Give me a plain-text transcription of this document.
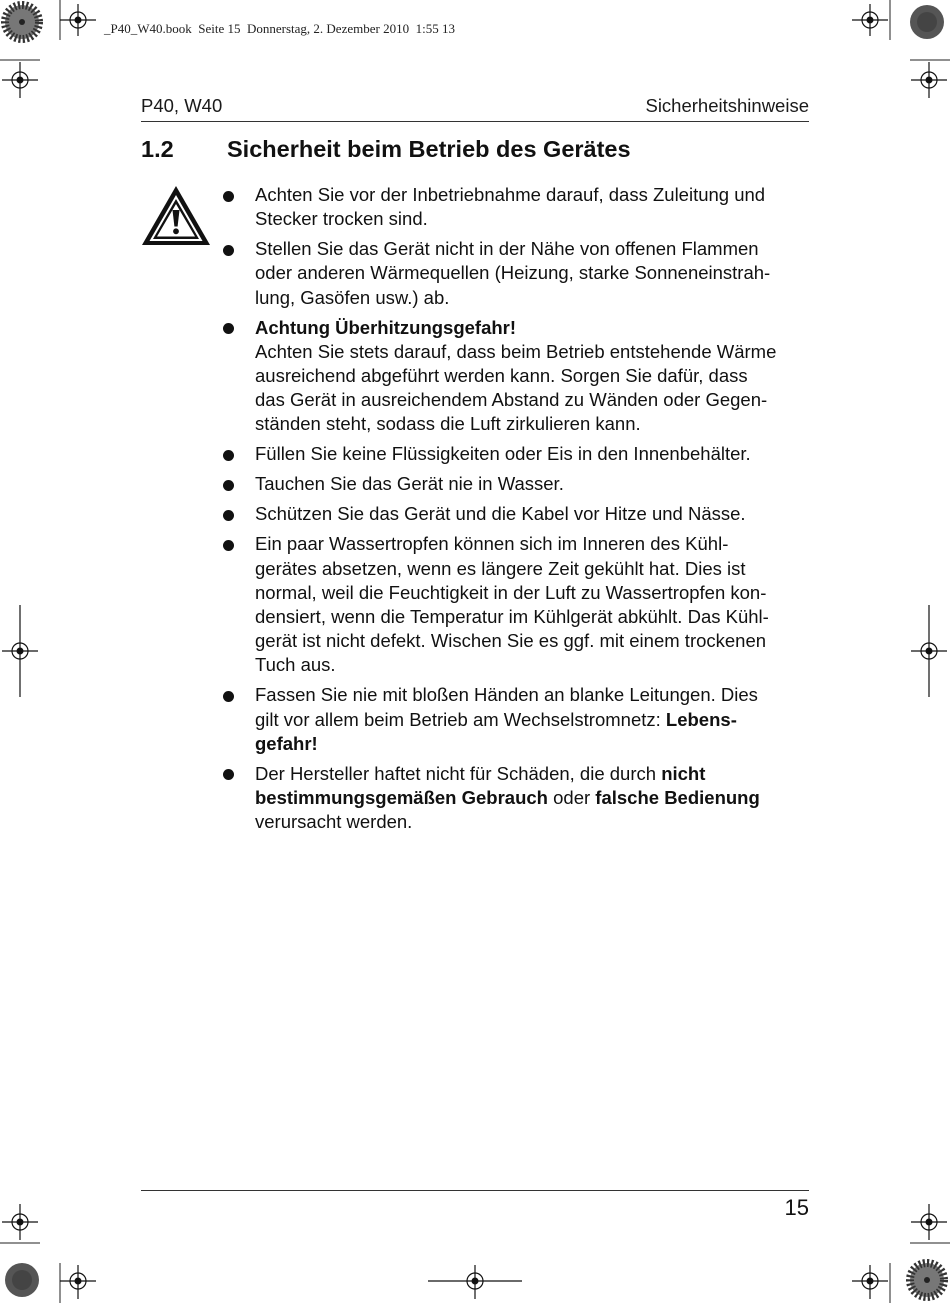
_P40_W40.book  Seite 15  Donnerstag, 2. Dezember 2010  1:55 13
P40, W40	Sicherheitshinweise
1.2 Sicherheit beim Betrieb des Gerätes
Achten Sie vor der Inbetriebnahme darauf, dass Zuleitung und
Stecker trocken sind.
Stellen Sie das Gerät nicht in der Nähe von offenen Flammen
oder anderen Wärmequellen (Heizung, starke Sonneneinstrah-
lung, Gasöfen usw.) ab.
Achtung Überhitzungsgefahr!
Achten Sie stets darauf, dass beim Betrieb entstehende Wärme
ausreichend abgeführt werden kann. Sorgen Sie dafür, dass
das Gerät in ausreichendem Abstand zu Wänden oder Gegen-
ständen steht, sodass die Luft zirkulieren kann.
Füllen Sie keine Flüssigkeiten oder Eis in den Innenbehälter.
Tauchen Sie das Gerät nie in Wasser.
Schützen Sie das Gerät und die Kabel vor Hitze und Nässe.
Ein paar Wassertropfen können sich im Inneren des Kühl-
gerätes absetzen, wenn es längere Zeit gekühlt hat. Dies ist
normal, weil die Feuchtigkeit in der Luft zu Wassertropfen kon-
densiert, wenn die Temperatur im Kühlgerät abkühlt. Das Kühl-
gerät ist nicht defekt. Wischen Sie es ggf. mit einem trockenen
Tuch aus.
Fassen Sie nie mit bloßen Händen an blanke Leitungen. Dies
gilt vor allem beim Betrieb am Wechselstromnetz: Lebens-
gefahr!
Der Hersteller haftet nicht für Schäden, die durch nicht
bestimmungsgemäßen Gebrauch oder falsche Bedienung
verursacht werden.
15
